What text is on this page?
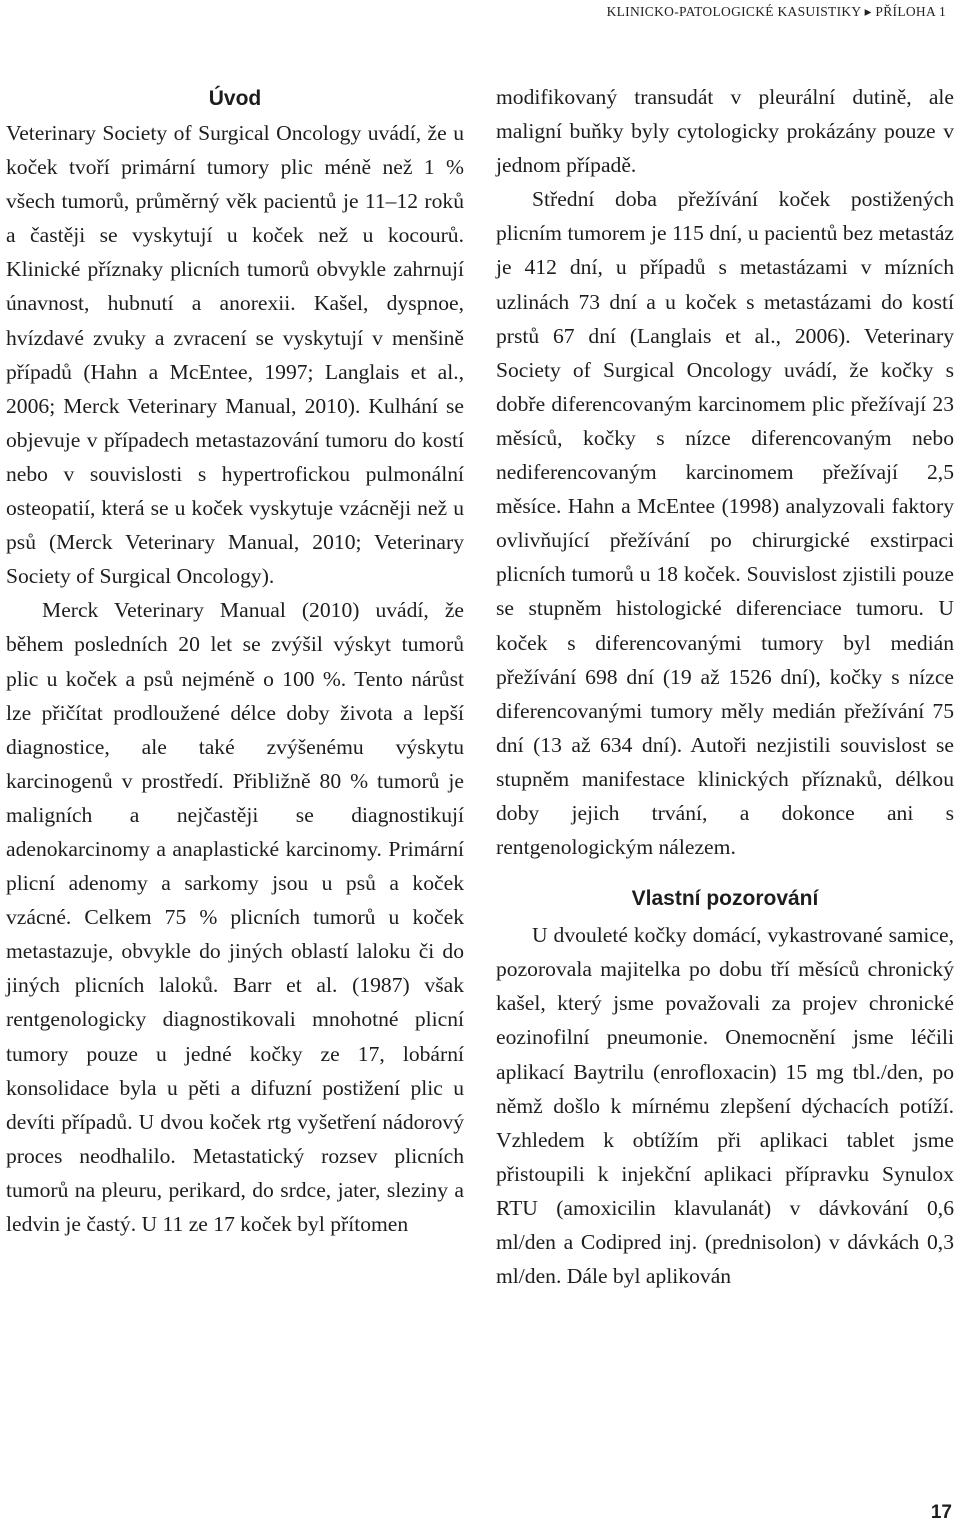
KLINICKO-PATOLOGICKÉ KASUISTIKY ▸ PŘÍLOHA 1
Úvod

Veterinary Society of Surgical Oncology uvádí, že u koček tvoří primární tumory plic méně než 1 % všech tumorů, průměrný věk pacientů je 11–12 roků a častěji se vyskytují u koček než u kocourů. Klinické příznaky plicních tumorů obvykle zahrnují únavnost, hubnutí a anorexii. Kašel, dyspnoe, hvízdavé zvuky a zvracení se vyskytují v menšině případů (Hahn a McEntee, 1997; Langlais et al., 2006; Merck Veterinary Manual, 2010). Kulhání se objevuje v případech metastazování tumoru do kostí nebo v souvislosti s hypertrofickou pulmonální osteopatií, která se u koček vyskytuje vzácněji než u psů (Merck Veterinary Manual, 2010; Veterinary Society of Surgical Oncology).

Merck Veterinary Manual (2010) uvádí, že během posledních 20 let se zvýšil výskyt tumorů plic u koček a psů nejméně o 100 %. Tento nárůst lze přičítat prodloužené délce doby života a lepší diagnostice, ale také zvýšenému výskytu karcinogenů v prostředí. Přibližně 80 % tumorů je maligních a nejčastěji se diagnostikují adenokarcinomy a anaplastické karcinomy. Primární plicní adenomy a sarkomy jsou u psů a koček vzácné. Celkem 75 % plicních tumorů u koček metastazuje, obvykle do jiných oblastí laloku či do jiných plicních laloků. Barr et al. (1987) však rentgenologicky diagnostikovali mnohotné plicní tumory pouze u jedné kočky ze 17, lobární konsolidace byla u pěti a difuzní postižení plic u devíti případů. U dvou koček rtg vyšetření nádorový proces neodhalilo. Metastatický rozsev plicních tumorů na pleuru, perikard, do srdce, jater, sleziny a ledvin je častý. U 11 ze 17 koček byl přítomen

modifikovaný transudát v pleurální dutině, ale maligní buňky byly cytologicky prokázány pouze v jednom případě.

Střední doba přežívání koček postižených plicním tumorem je 115 dní, u pacientů bez metastáz je 412 dní, u případů s metastázami v mízních uzlinách 73 dní a u koček s metastázami do kostí prstů 67 dní (Langlais et al., 2006). Veterinary Society of Surgical Oncology uvádí, že kočky s dobře diferencovaným karcinomem plic přežívají 23 měsíců, kočky s nízce diferencovaným nebo nediferencovaným karcinomem přežívají 2,5 měsíce. Hahn a McEntee (1998) analyzovali faktory ovlivňující přežívání po chirurgické exstirpaci plicních tumorů u 18 koček. Souvislost zjistili pouze se stupněm histologické diferenciace tumoru. U koček s diferencovanými tumory byl medián přežívání 698 dní (19 až 1526 dní), kočky s nízce diferencovanými tumory měly medián přežívání 75 dní (13 až 634 dní). Autoři nezjistili souvislost se stupněm manifestace klinických příznaků, délkou doby jejich trvání, a dokonce ani s rentgenologickým nálezem.

Vlastní pozorování

U dvouleté kočky domácí, vykastrované samice, pozorovala majitelka po dobu tří měsíců chronický kašel, který jsme považovali za projev chronické eozinofilní pneumonie. Onemocnění jsme léčili aplikací Baytrilu (enrofloxacin) 15 mg tbl./den, po němž došlo k mírnému zlepšení dýchacích potíží. Vzhledem k obtížím při aplikaci tablet jsme přistoupili k injekční aplikaci přípravku Synulox RTU (amoxicilin klavulanát) v dávkování 0,6 ml/den a Codipred inj. (prednisolon) v dávkách 0,3 ml/den. Dále byl aplikován

17
